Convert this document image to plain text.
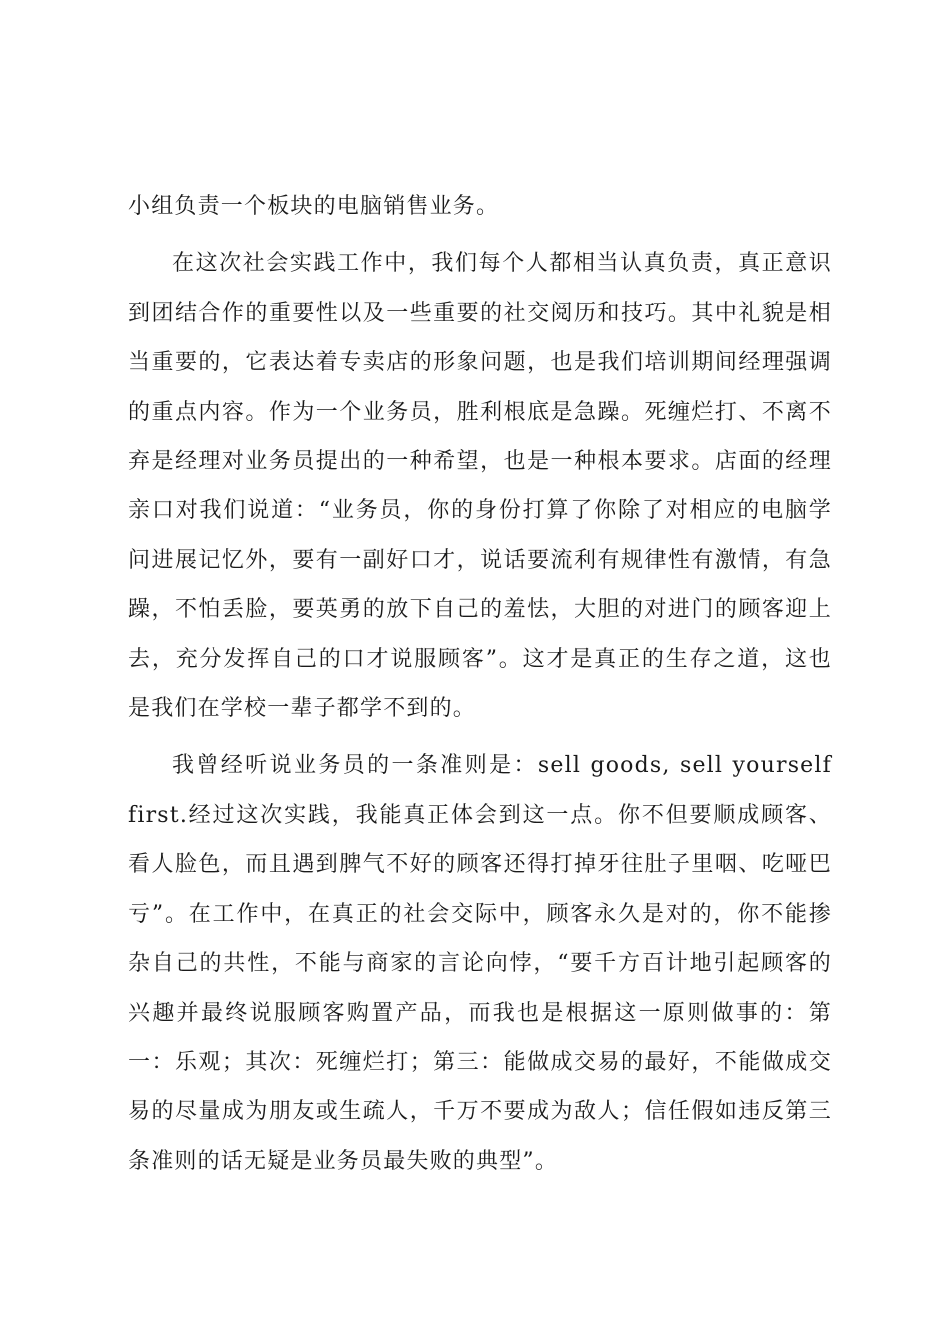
小组负责一个板块的电脑销售业务。

在这次社会实践工作中，我们每个人都相当认真负责，真正意识到团结合作的重要性以及一些重要的社交阅历和技巧。其中礼貌是相当重要的，它表达着专卖店的形象问题，也是我们培训期间经理强调的重点内容。作为一个业务员，胜利根底是急躁。死缠烂打、不离不弃是经理对业务员提出的一种希望，也是一种根本要求。店面的经理亲口对我们说道：“业务员，你的身份打算了你除了对相应的电脑学问进展记忆外，要有一副好口才，说话要流利有规律性有激情，有急躁，不怕丢脸，要英勇的放下自己的羞怯，大胆的对进门的顾客迎上去，充分发挥自己的口才说服顾客”。这才是真正的生存之道，这也是我们在学校一辈子都学不到的。

我曾经听说业务员的一条准则是：sell goods, sell yourself first.经过这次实践，我能真正体会到这一点。你不但要顺成顾客、看人脸色，而且遇到脾气不好的顾客还得打掉牙往肚子里咽、吃哑巴亏”。在工作中，在真正的社会交际中，顾客永久是对的，你不能掺杂自己的共性，不能与商家的言论向悖，“要千方百计地引起顾客的兴趣并最终说服顾客购置产品，而我也是根据这一原则做事的：第一：乐观；其次：死缠烂打；第三：能做成交易的最好，不能做成交易的尽量成为朋友或生疏人，千万不要成为敌人；信任假如违反第三条准则的话无疑是业务员最失败的典型”。
